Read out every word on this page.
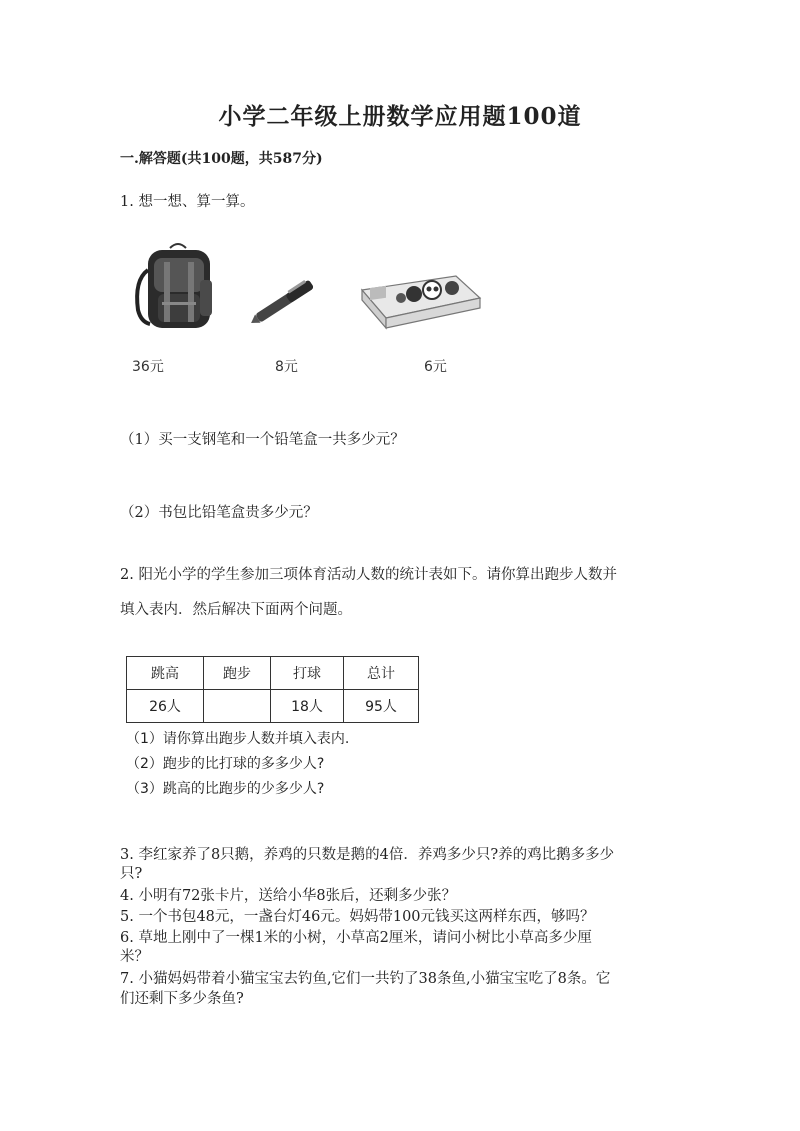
小学二年级上册数学应用题100道
一.解答题(共100题，共587分)
1. 想一想、算一算。
36元	8元	6元
（1）买一支钢笔和一个铅笔盒一共多少元？
（2）书包比铅笔盒贵多少元？
2. 阳光小学的学生参加三项体育活动人数的统计表如下。请你算出跑步人数并
填入表内．然后解决下面两个问题。
跳高	跑步	打球	总计
26人		18人	95人
（1）请你算出跑步人数并填入表内.
（2）跑步的比打球的多多少人?
（3）跳高的比跑步的少多少人?
3. 李红家养了8只鹅，养鸡的只数是鹅的4倍．养鸡多少只?养的鸡比鹅多多少
只?
4. 小明有72张卡片，送给小华8张后，还剩多少张？
5. 一个书包48元，一盏台灯46元。妈妈带100元钱买这两样东西，够吗？
6. 草地上刚中了一棵1米的小树，小草高2厘米，请问小树比小草高多少厘
米？
7. 小猫妈妈带着小猫宝宝去钓鱼,它们一共钓了38条鱼,小猫宝宝吃了8条。它
们还剩下多少条鱼?
